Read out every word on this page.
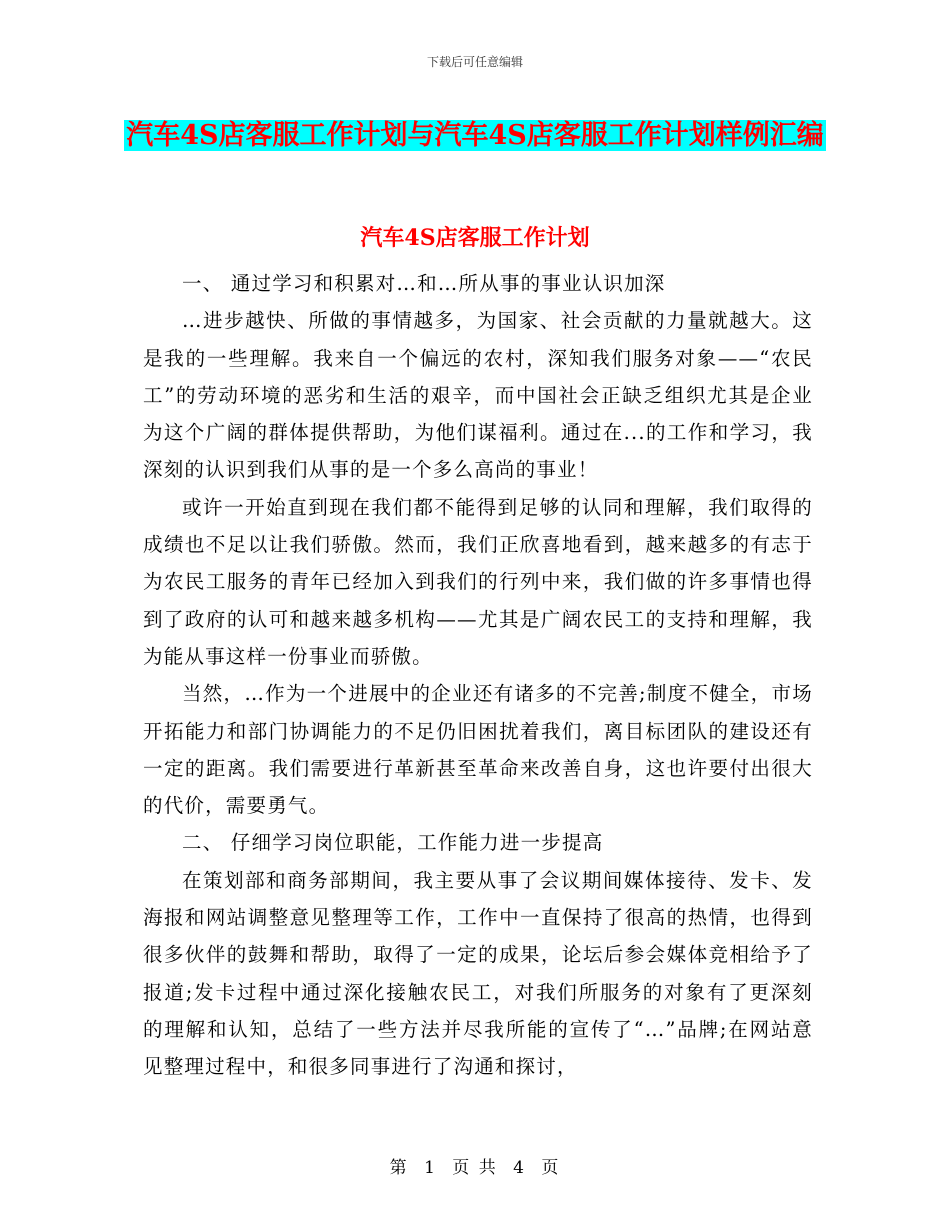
下载后可任意编辑
汽车4S店客服工作计划与汽车4S店客服工作计划样例汇编
汽车4S店客服工作计划

一、 通过学习和积累对…和…所从事的事业认识加深

…进步越快、所做的事情越多，为国家、社会贡献的力量就越大。这是我的一些理解。我来自一个偏远的农村，深知我们服务对象——“农民工”的劳动环境的恶劣和生活的艰辛，而中国社会正缺乏组织尤其是企业为这个广阔的群体提供帮助，为他们谋福利。通过在...的工作和学习，我深刻的认识到我们从事的是一个多么高尚的事业！

或许一开始直到现在我们都不能得到足够的认同和理解，我们取得的成绩也不足以让我们骄傲。然而，我们正欣喜地看到，越来越多的有志于为农民工服务的青年已经加入到我们的行列中来，我们做的许多事情也得到了政府的认可和越来越多机构——尤其是广阔农民工的支持和理解，我为能从事这样一份事业而骄傲。

当然，…作为一个进展中的企业还有诸多的不完善;制度不健全，市场开拓能力和部门协调能力的不足仍旧困扰着我们，离目标团队的建设还有一定的距离。我们需要进行革新甚至革命来改善自身，这也许要付出很大的代价，需要勇气。

二、 仔细学习岗位职能，工作能力进一步提高

在策划部和商务部期间，我主要从事了会议期间媒体接待、发卡、发海报和网站调整意见整理等工作，工作中一直保持了很高的热情，也得到很多伙伴的鼓舞和帮助，取得了一定的成果，论坛后参会媒体竞相给予了报道;发卡过程中通过深化接触农民工，对我们所服务的对象有了更深刻的理解和认知，总结了一些方法并尽我所能的宣传了“…”品牌;在网站意见整理过程中，和很多同事进行了沟通和探讨，

第 1 页 共 4 页
